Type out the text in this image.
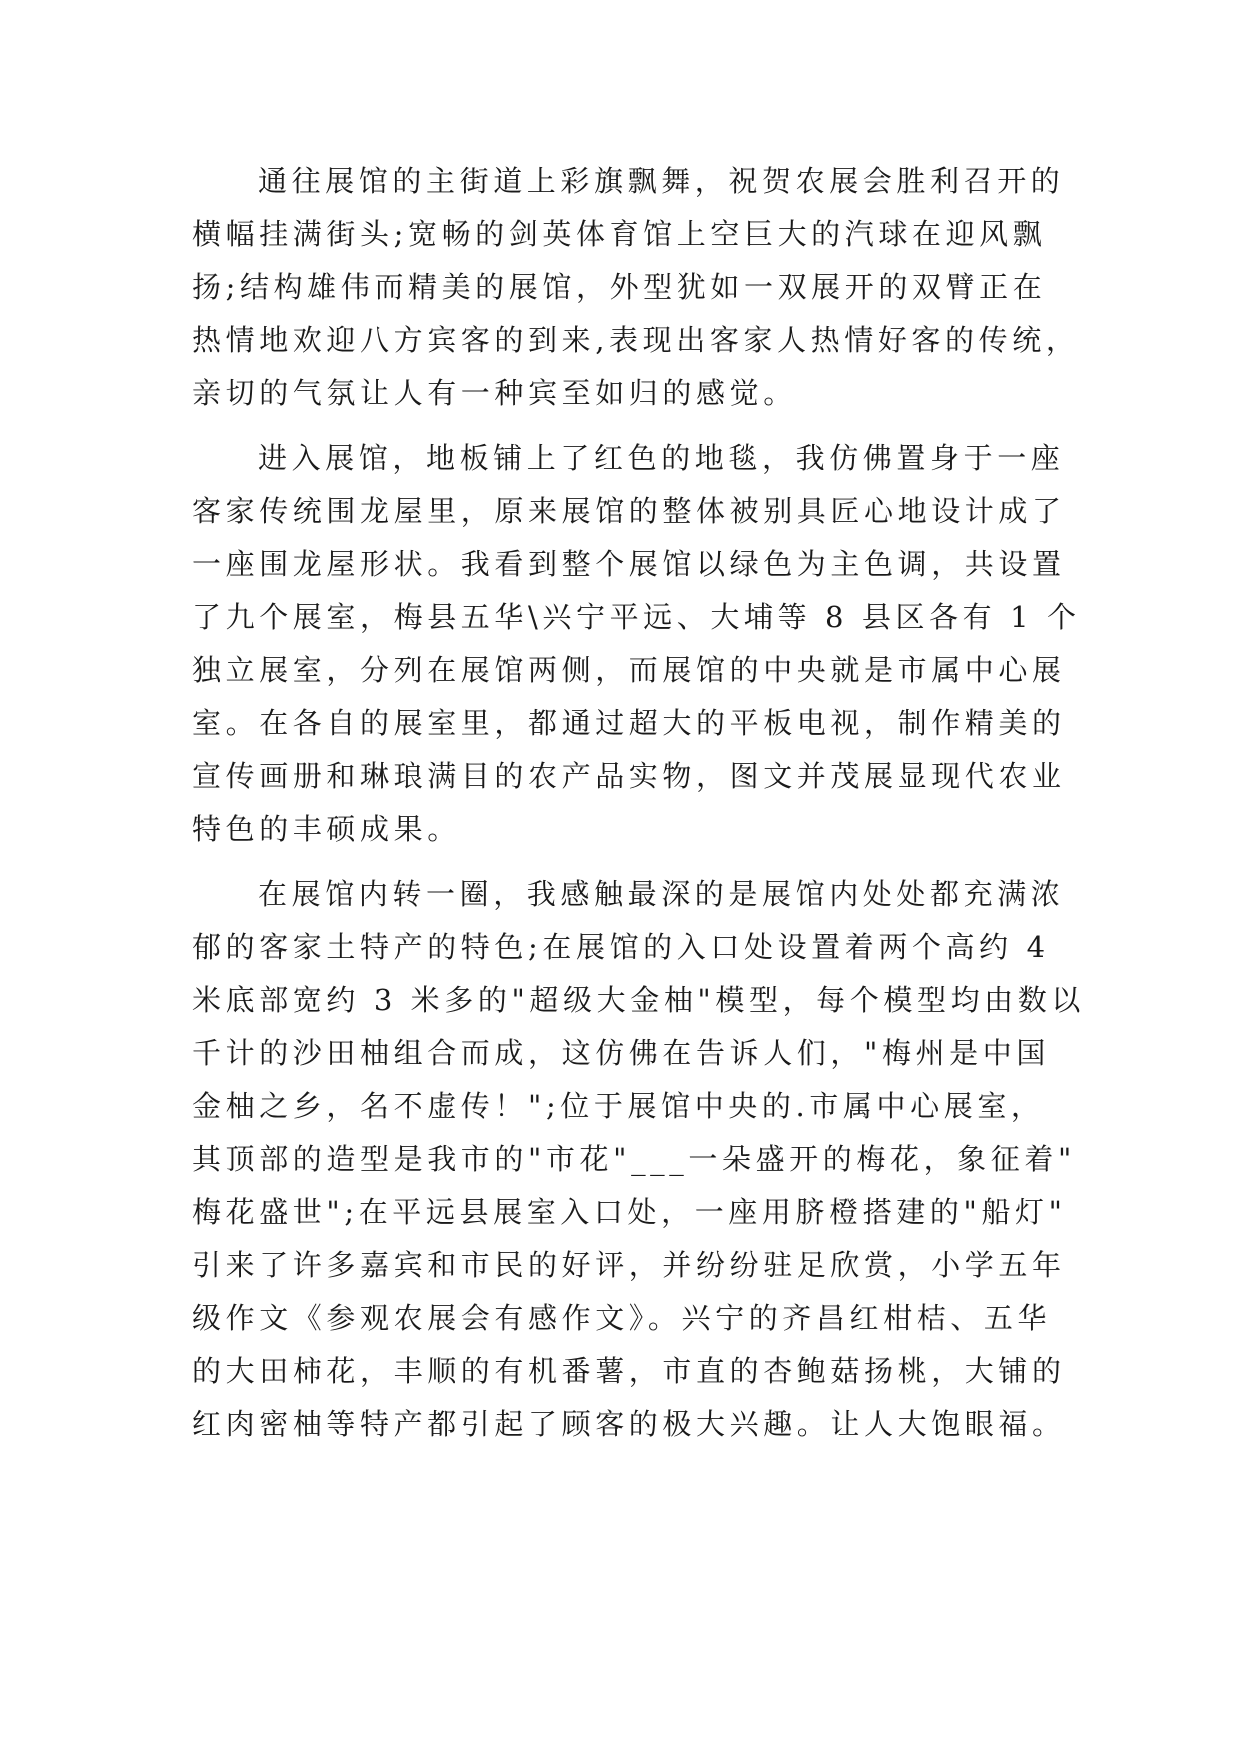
通往展馆的主街道上彩旗飘舞，祝贺农展会胜利召开的
横幅挂满街头;宽畅的剑英体育馆上空巨大的汽球在迎风飘
扬;结构雄伟而精美的展馆，外型犹如一双展开的双臂正在
热情地欢迎八方宾客的到来,表现出客家人热情好客的传统，
亲切的气氛让人有一种宾至如归的感觉。
进入展馆，地板铺上了红色的地毯，我仿佛置身于一座
客家传统围龙屋里，原来展馆的整体被别具匠心地设计成了
一座围龙屋形状。我看到整个展馆以绿色为主色调，共设置
了九个展室，梅县五华\兴宁平远、大埔等 8 县区各有 1 个
独立展室，分列在展馆两侧，而展馆的中央就是市属中心展
室。在各自的展室里，都通过超大的平板电视，制作精美的
宣传画册和琳琅满目的农产品实物，图文并茂展显现代农业
特色的丰硕成果。
在展馆内转一圈，我感触最深的是展馆内处处都充满浓
郁的客家土特产的特色;在展馆的入口处设置着两个高约 4
米底部宽约 3 米多的"超级大金柚"模型，每个模型均由数以
千计的沙田柚组合而成，这仿佛在告诉人们，"梅州是中国
金柚之乡，名不虚传！";位于展馆中央的.市属中心展室，
其顶部的造型是我市的"市花"___一朵盛开的梅花，象征着"
梅花盛世";在平远县展室入口处，一座用脐橙搭建的"船灯"
引来了许多嘉宾和市民的好评，并纷纷驻足欣赏，小学五年
级作文《参观农展会有感作文》。兴宁的齐昌红柑桔、五华
的大田柿花，丰顺的有机番薯，市直的杏鲍菇扬桃，大铺的
红肉密柚等特产都引起了顾客的极大兴趣。让人大饱眼福。
